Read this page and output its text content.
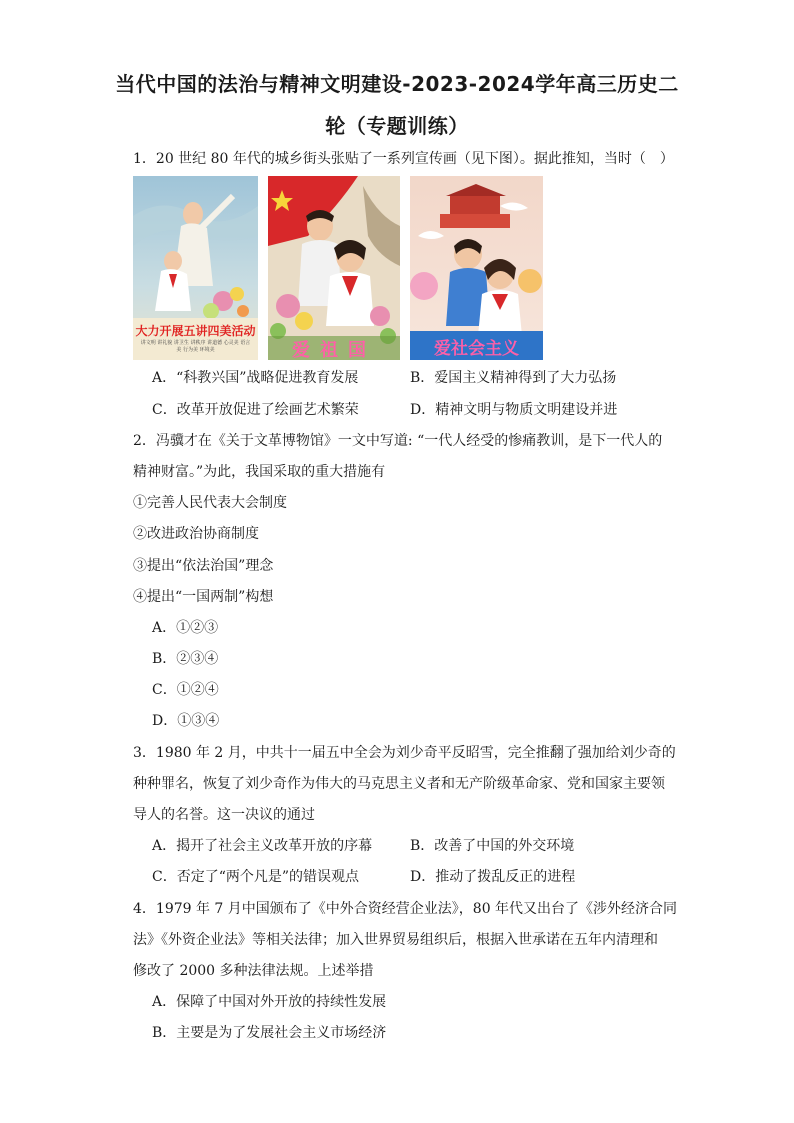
当代中国的法治与精神文明建设-2023-2024学年高三历史二
轮（专题训练）
1．20 世纪 80 年代的城乡街头张贴了一系列宣传画（见下图）。据此推知，当时（　）
大力开展五讲四美活动
讲文明 讲礼貌 讲卫生 讲秩序 讲道德 心灵美 语言美 行为美 环境美	爱祖国	爱社会主义
A．“科教兴国”战略促进教育发展	B．爱国主义精神得到了大力弘扬
C．改革开放促进了绘画艺术繁荣	D．精神文明与物质文明建设并进
2．冯骥才在《关于文革博物馆》一文中写道: “一代人经受的惨痛教训，是下一代人的
精神财富。”为此，我国采取的重大措施有
①完善人民代表大会制度
②改进政治协商制度
③提出“依法治国”理念
④提出“一国两制”构想
A．①②③
B．②③④
C．①②④
D．①③④
3．1980 年 2 月，中共十一届五中全会为刘少奇平反昭雪，完全推翻了强加给刘少奇的
种种罪名，恢复了刘少奇作为伟大的马克思主义者和无产阶级革命家、党和国家主要领
导人的名誉。这一决议的通过
A．揭开了社会主义改革开放的序幕	B．改善了中国的外交环境
C．否定了“两个凡是”的错误观点	D．推动了拨乱反正的进程
4．1979 年 7 月中国颁布了《中外合资经营企业法》，80 年代又出台了《涉外经济合同
法》《外资企业法》等相关法律；加入世界贸易组织后，根据入世承诺在五年内清理和
修改了 2000 多种法律法规。上述举措
A．保障了中国对外开放的持续性发展
B．主要是为了发展社会主义市场经济
